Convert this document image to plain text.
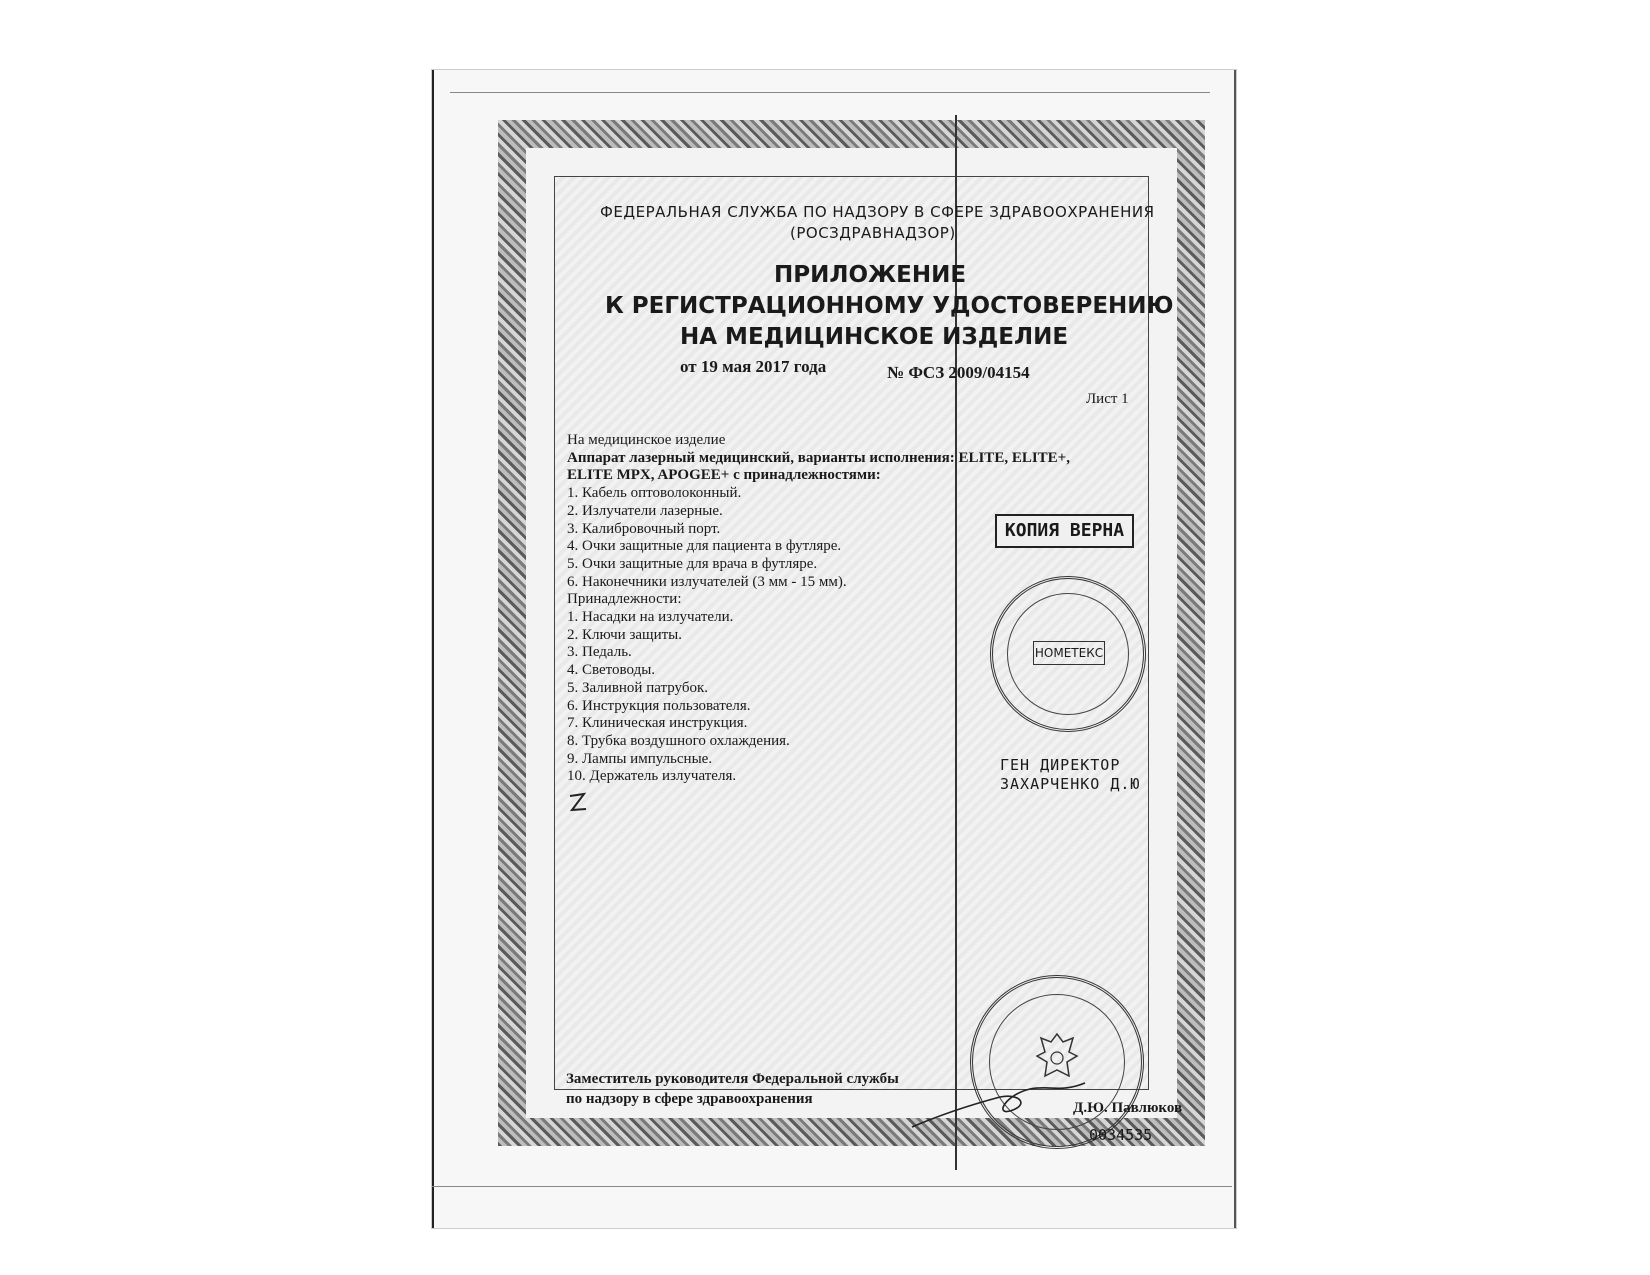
ФЕДЕРАЛЬНАЯ СЛУЖБА ПО НАДЗОРУ В СФЕРЕ ЗДРАВООХРАНЕНИЯ
(РОСЗДРАВНАДЗОР)
ПРИЛОЖЕНИЕ
К РЕГИСТРАЦИОННОМУ УДОСТОВЕРЕНИЮ
НА МЕДИЦИНСКОЕ ИЗДЕЛИЕ
от 19 мая 2017 года	№ ФСЗ 2009/04154
Лист 1
На медицинское изделие
Аппарат лазерный медицинский, варианты исполнения: ELITE, ELITE+,
ELITE MPX, APOGEE+ с принадлежностями:
1. Кабель оптоволоконный.
2. Излучатели лазерные.
3. Калибровочный порт.
4. Очки защитные для пациента в футляре.
5. Очки защитные для врача в футляре.
6. Наконечники излучателей (3 мм - 15 мм).
Принадлежности:
1. Насадки на излучатели.
2. Ключи защиты.
3. Педаль.
4. Световоды.
5. Заливной патрубок.
6. Инструкция пользователя.
7. Клиническая инструкция.
8. Трубка воздушного охлаждения.
9. Лампы импульсные.
10. Держатель излучателя.
КОПИЯ ВЕРНА
НОМЕТЕКС
ГЕН ДИРЕКТОР
ЗАХАРЧЕНКО Д.Ю
Заместитель руководителя Федеральной службы
по надзору в сфере здравоохранения
Д.Ю. Павлюков
0034535
